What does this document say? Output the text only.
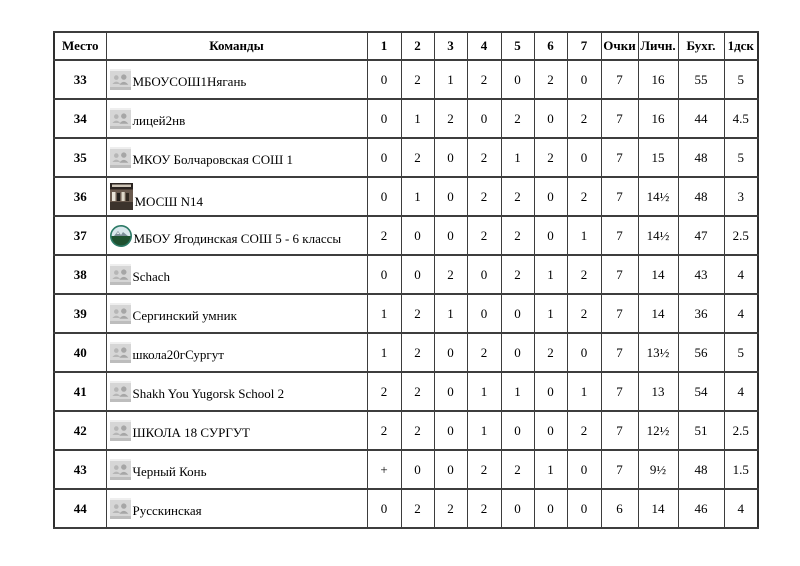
Место	Команды	1	2	3	4	5	6	7	Очки	Личн.	Бухг.	1дск
33	МБОУСОШ1Нягань	0	2	1	2	0	2	0	7	16	55	5
34	лицей2нв	0	1	2	0	2	0	2	7	16	44	4.5
35	МКОУ Болчаровская СОШ 1	0	2	0	2	1	2	0	7	15	48	5
36	МОСШ N14	0	1	0	2	2	0	2	7	14½	48	3
37	МБОУ Ягодинская СОШ 5 - 6 классы	2	0	0	2	2	0	1	7	14½	47	2.5
38	Schach	0	0	2	0	2	1	2	7	14	43	4
39	Сергинский умник	1	2	1	0	0	1	2	7	14	36	4
40	школа20гСургут	1	2	0	2	0	2	0	7	13½	56	5
41	Shakh You Yugorsk School 2	2	2	0	1	1	0	1	7	13	54	4
42	ШКОЛА 18 СУРГУТ	2	2	0	1	0	0	2	7	12½	51	2.5
43	Черный Конь	+	0	0	2	2	1	0	7	9½	48	1.5
44	Русскинская	0	2	2	2	0	0	0	6	14	46	4
